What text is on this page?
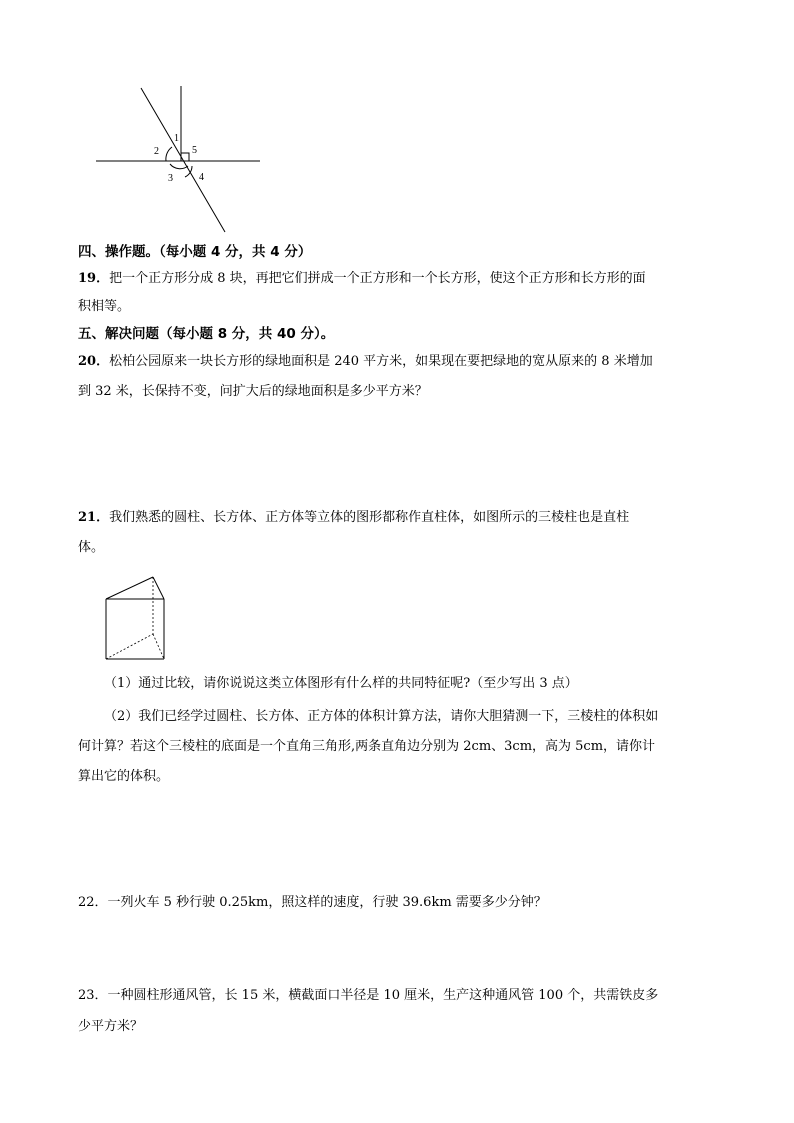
1
2
3	4
5
四、操作题。（每小题 4 分，共 4 分）
19．把一个正方形分成 8 块，再把它们拼成一个正方形和一个长方形，使这个正方形和长方形的面
积相等。
五、解决问题（每小题 8 分，共 40 分）。
20．松柏公园原来一块长方形的绿地面积是 240 平方米，如果现在要把绿地的宽从原来的 8 米增加
到 32 米，长保持不变，问扩大后的绿地面积是多少平方米？
21．我们熟悉的圆柱、长方体、正方体等立体的图形都称作直柱体，如图所示的三棱柱也是直柱
体。
（1）通过比较，请你说说这类立体图形有什么样的共同特征呢?（至少写出 3 点）
（2）我们已经学过圆柱、长方体、正方体的体积计算方法，请你大胆猜测一下，三棱柱的体积如
何计算？若这个三棱柱的底面是一个直角三角形,两条直角边分别为 2cm、3cm，高为 5cm，请你计
算出它的体积。
22．一列火车 5 秒行驶 0.25km，照这样的速度，行驶 39.6km 需要多少分钟？
23．一种圆柱形通风管，长 15 米，横截面口半径是 10 厘米，生产这种通风管 100 个，共需铁皮多
少平方米？
